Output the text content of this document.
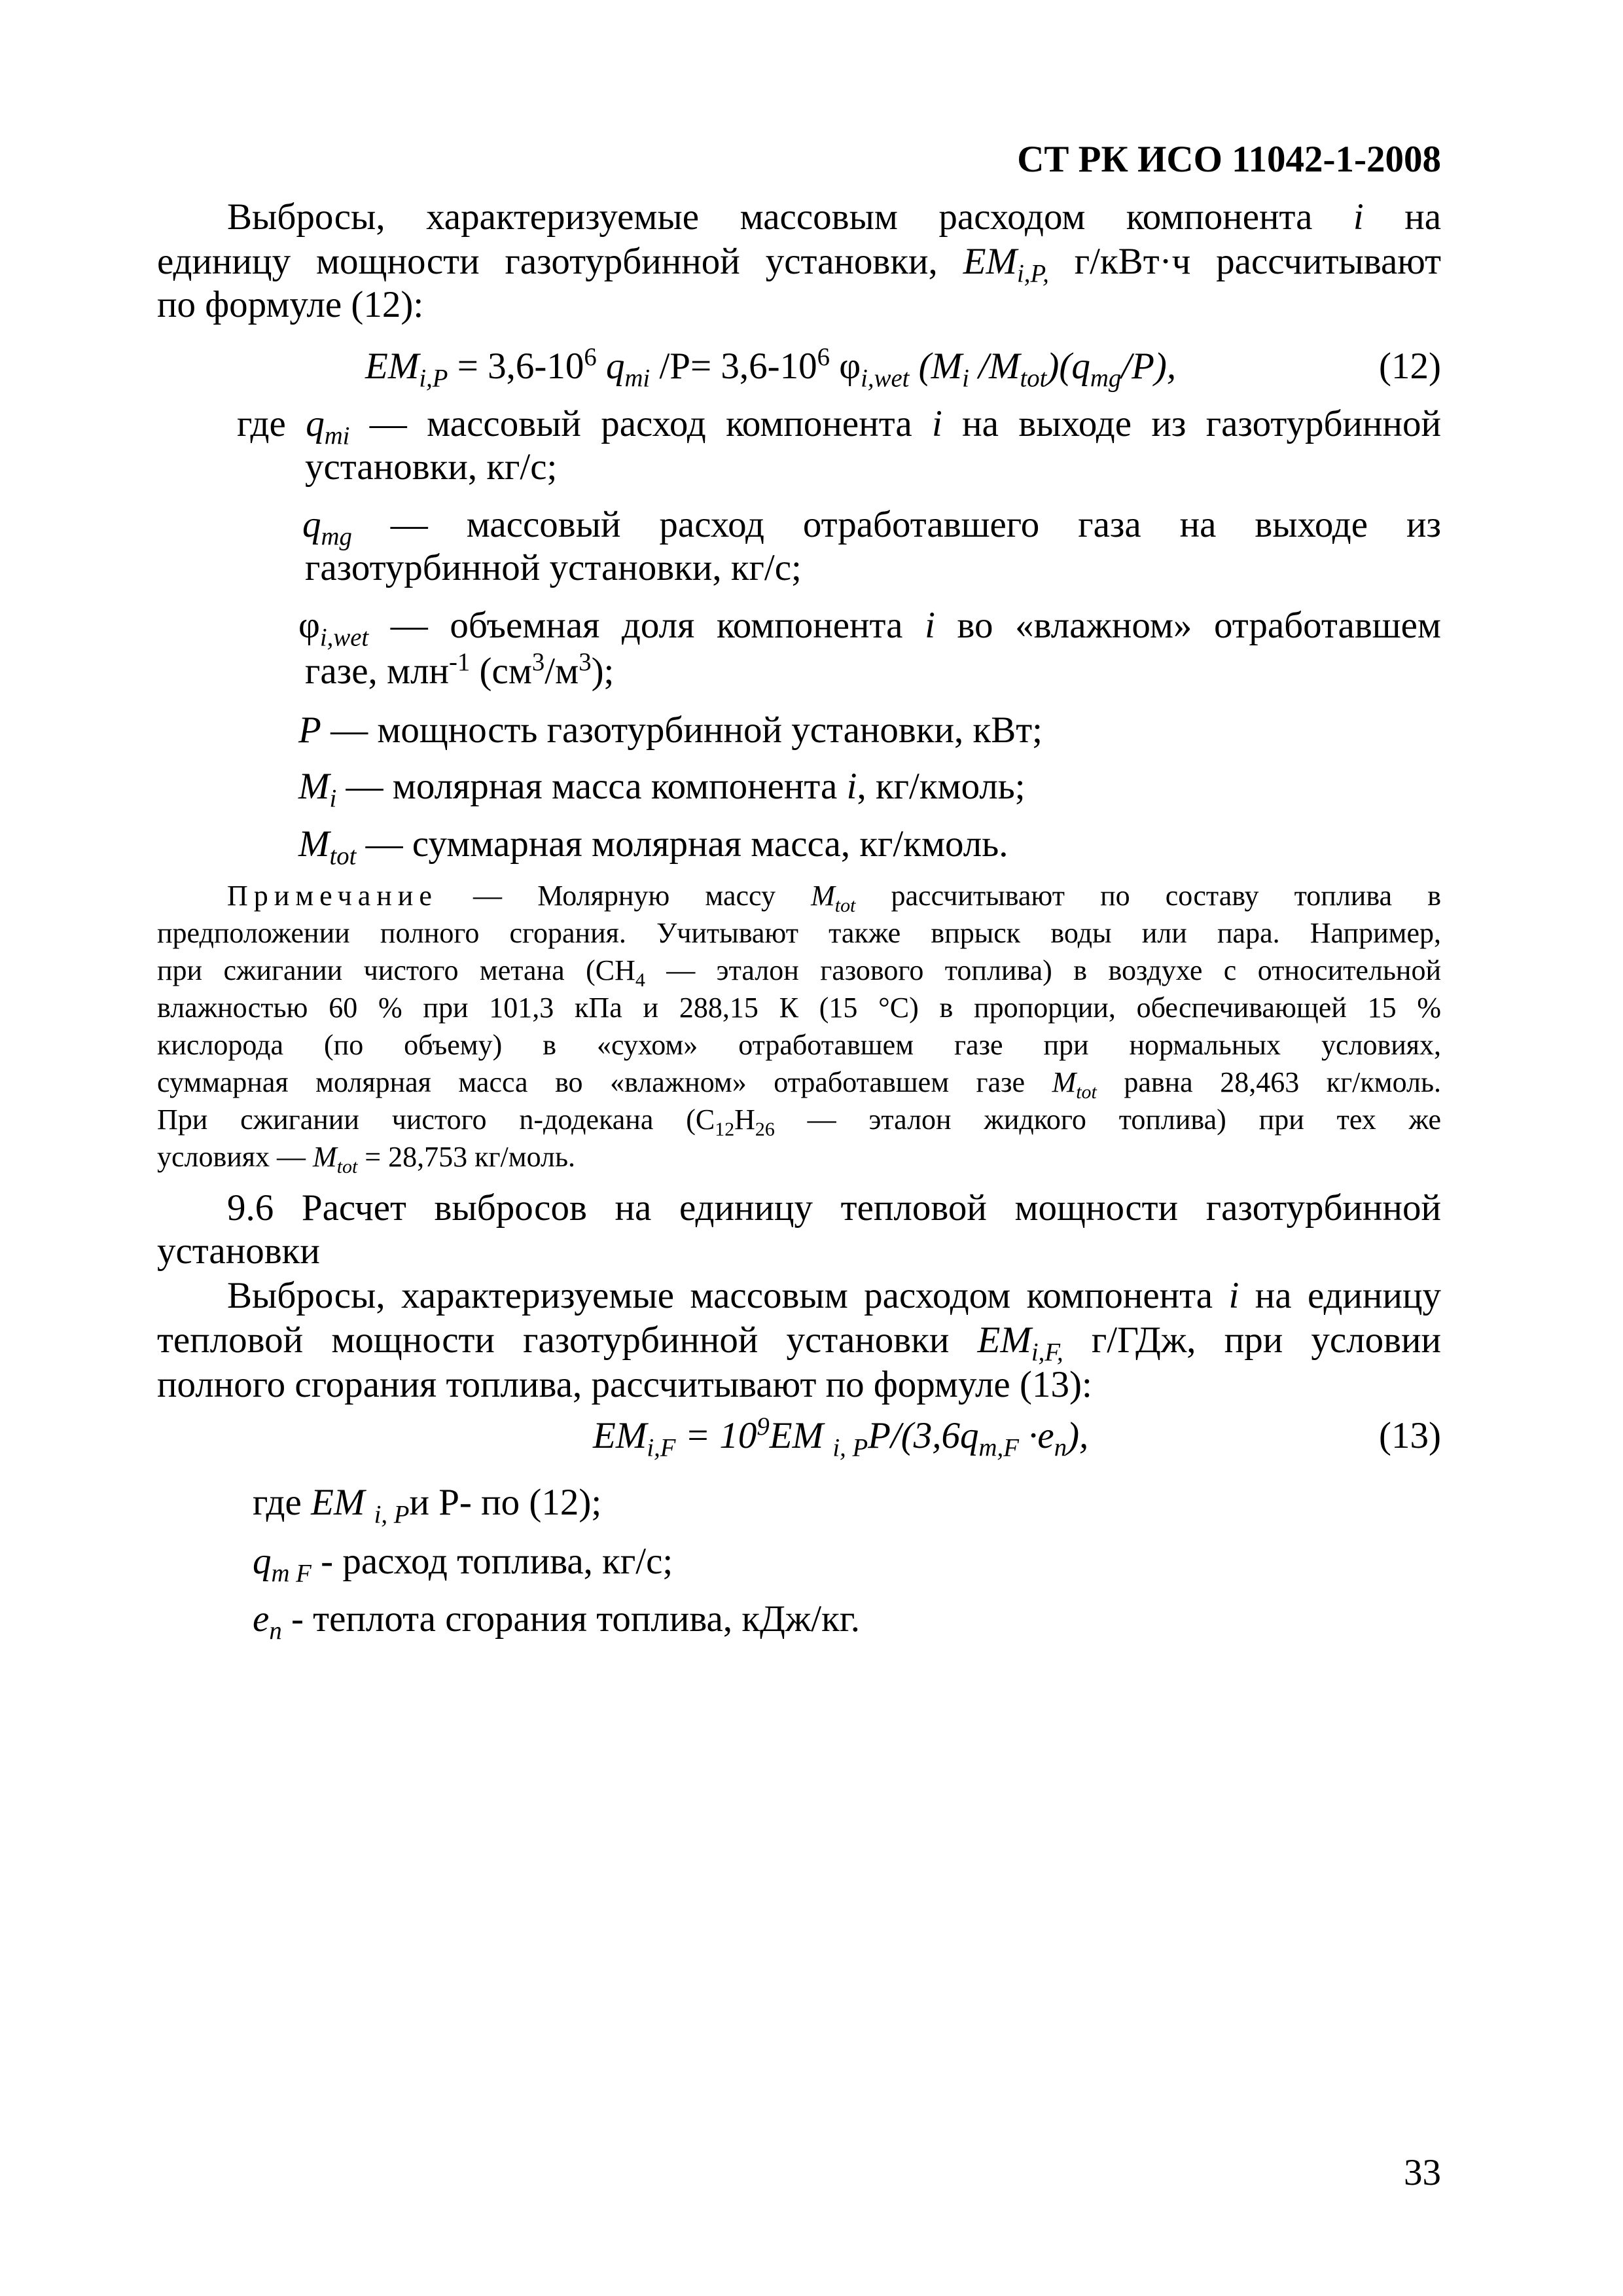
СТ РК ИСО 11042-1-2008
Выбросы, характеризуемые массовым расходом компонента i на
единицу мощности газотурбинной установки, $EM_{i,P,}$ г/кВт·ч рассчитывают
по формуле (12):
$EM_{i,P} = 3,6-10^6$ $q_{mi}$ $/P= 3,6-10^6$ $\varphi_{i,wet}$ ($M_i$ $/M_{tot})(q_{mg}/P)$,	(12)
где $q_{mi}$ — массовый расход компонента i на выходе из газотурбинной
установки, кг/с;
$q_{mg}$ — массовый расход отработавшего газа на выходе из
газотурбинной установки, кг/с;
$\varphi_{i,wet}$ — объемная доля компонента i во «влажном» отработавшем
газе, млн$^{-1}$ $(см^3/м^3)$;
P — мощность газотурбинной установки, кВт;
$M_i$ — молярная масса компонента i, кг/кмоль;
$M_{tot}$ — суммарная молярная масса, кг/кмоль.
Примечание — Молярную массу $M_{tot}$ рассчитывают по составу топлива в
предположении полного сгорания. Учитывают также впрыск воды или пара. Например,
при сжигании чистого метана ($СН_4$ — эталон газового топлива) в воздухе с относительной
влажностью 60 % при 101,3 кПа и 288,15 К (15 °С) в пропорции, обеспечивающей 15 %
кислорода (по объему) в «сухом» отработавшем газе при нормальных условиях,
суммарная молярная масса во «влажном» отработавшем газе $M_{tot}$ равна 28,463 кг/кмоль.
При сжигании чистого n-додекана ($С_{12}Н_{26}$ — эталон жидкого топлива) при тех же
условиях — $M_{tot} = 28,753$ кг/моль.
9.6 Расчет выбросов на единицу тепловой мощности газотурбинной
установки
Выбросы, характеризуемые массовым расходом компонента i на единицу
тепловой мощности газотурбинной установки $EM_{i,F,}$ г/ГДж, при условии
полного сгорания топлива, рассчитывают по формуле (13):
$EM_{i,F} = 10^9EM$ $_{i, P}P/(3,6q_{m,F} \cdot e_n)$,	(13)
где EM $_{i, P}$и Р- по (12);
$q_{m F}$ - расход топлива, кг/с;
$e_n$ - теплота сгорания топлива, кДж/кг.
33
